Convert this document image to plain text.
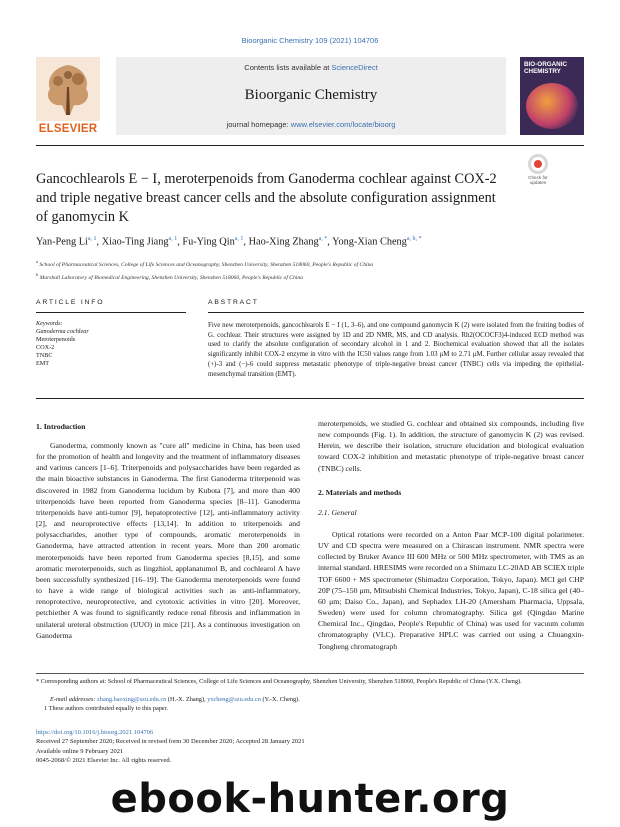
Bioorganic Chemistry 109 (2021) 104706
ELSEVIER
Contents lists available at ScienceDirect
Bioorganic Chemistry
journal homepage: www.elsevier.com/locate/bioorg
BIO-ORGANIC CHEMISTRY
Gancochlearols E − I, meroterpenoids from Ganoderma cochlear against COX-2 and triple negative breast cancer cells and the absolute configuration assignment of ganomycin K
Check for updates
Yan-Peng Li$^{a, 1}$, Xiao-Ting Jiang$^{a, 1}$, Fu-Ying Qin$^{a, 1}$, Hao-Xing Zhang$^{a, *}$, Yong-Xian Cheng$^{a, b, *}$
$^a$ School of Pharmaceutical Sciences, College of Life Sciences and Oceanography, Shenzhen University, Shenzhen 518060, People's Republic of China
$^b$ Marshall Laboratory of Biomedical Engineering, Shenzhen University, Shenzhen 518060, People's Republic of China
ARTICLE INFO	ABSTRACT
Keywords:
Ganoderma cochlear
Meroterpenoids
COX-2
TNBC
EMT
Five new meroterpenoids, gancochlearols E − I (1, 3–6), and one compound ganomycin K (2) were isolated from the fruiting bodies of G. cochlear. Their structures were assigned by 1D and 2D NMR, MS, and CD analysis. Rh2(OCOCF3)4-induced ECD method was used to clarify the absolute configuration of secondary alcohol in 1 and 2. Biochemical evaluation showed that all the isolates significantly inhibit COX-2 enzyme in vitro with the IC50 values range from 1.03 μM to 2.71 μM. Further cellular assay revealed that (+)-3 and (−)-6 could suppress metastatic phenotype of triple-negative breast cancer (TNBC) cells via impeding the epithelial-mesenchymal transition (EMT).
1. Introduction

Ganoderma, commonly known as "cure all" medicine in China, has been used for the promotion of health and longevity and the treatment of inflammatory diseases and various cancers [1–6]. Triterpenoids and polysaccharides have been regarded as the main bioactive substances in Ganoderma. The first Ganoderma triterpenoid was discovered in 1982 from Ganoderma lucidum by Kubota [7], and more than 400 triterpenoids have been reported from Ganoderma species [8–11]. Ganoderma triterpenoids have anti-tumor [9], hepatoprotective [12], anti-inflammatory activity [2], and neuroprotective effects [13,14]. In addition to triterpenoids and polysaccharides, another type of compounds, aromatic meroterpenoids in Ganoderma, have attracted attention in recent years. More than 200 aromatic meroterpenoids have been reported from Ganoderma species [8,15], and some aromatic meroterpenoids, such as lingzhiol, applanatumol B, and cochlearol A have been successfully synthesized [16–19]. The Ganoderma meroterpenoids were found to have a wide range of biological activities such as anti-inflammatory, renoprotective, neuroprotective, and cytotoxic activities in vitro [20]. Moreover, petchiether A was found to significantly reduce renal fibrosis and inflammation in unilateral ureteral obstruction (UUO) in mice [21]. As a continuous investigation on Ganoderma

meroterpenoids, we studied G. cochlear and obtained six compounds, including five new compounds (Fig. 1). In addition, the structure of ganomycin K (2) was revised. Herein, we describe their isolation, structure elucidation and biological evaluation toward COX-2 inhibition and metastatic phenotype of triple-negative breast cancer (TNBC) cells.

2. Materials and methods
2.1. General

Optical rotations were recorded on a Anton Paar MCP-100 digital polarimeter. UV and CD spectra were measured on a Chirascan instrument. NMR spectra were collected by Bruker Avance III 600 MHz or 500 MHz spectrometer, with TMS as an internal standard. HRESIMS were recorded on a Shimazu LC-20AD AB SCIEX triple TOF 6600 + MS spectrometer (Shimadzu Corporation, Tokyo, Japan). MCI gel CHP 20P (75–150 μm, Mitsubishi Chemical Industries, Tokyo, Japan), C-18 silica gel (40–60 μm; Daiso Co., Japan), and Sephadex LH-20 (Amersham Pharmacia, Uppsala, Sweden) were used for column chromatography. Silica gel (Qingdao Marine Chemical Inc., Qingdao, People's Republic of China) was used for vacuum column chromatography (VLC). Preparative HPLC was carried out using a Chuangxin-Tongheng chromatograph

* Corresponding authors at: School of Pharmaceutical Sciences, College of Life Sciences and Oceanography, Shenzhen University, Shenzhen 518060, People's Republic of China (Y.X. Cheng).
E-mail addresses: zhang.haoxing@szu.edu.cn (H.-X. Zhang), yxcheng@szu.edu.cn (Y.-X. Cheng).
1 These authors contributed equally to this paper.
https://doi.org/10.1016/j.bioorg.2021.104706
Received 27 September 2020; Received in revised form 30 December 2020; Accepted 28 January 2021
Available online 9 February 2021
0045-2068/© 2021 Elsevier Inc. All rights reserved.
ebook-hunter.org
